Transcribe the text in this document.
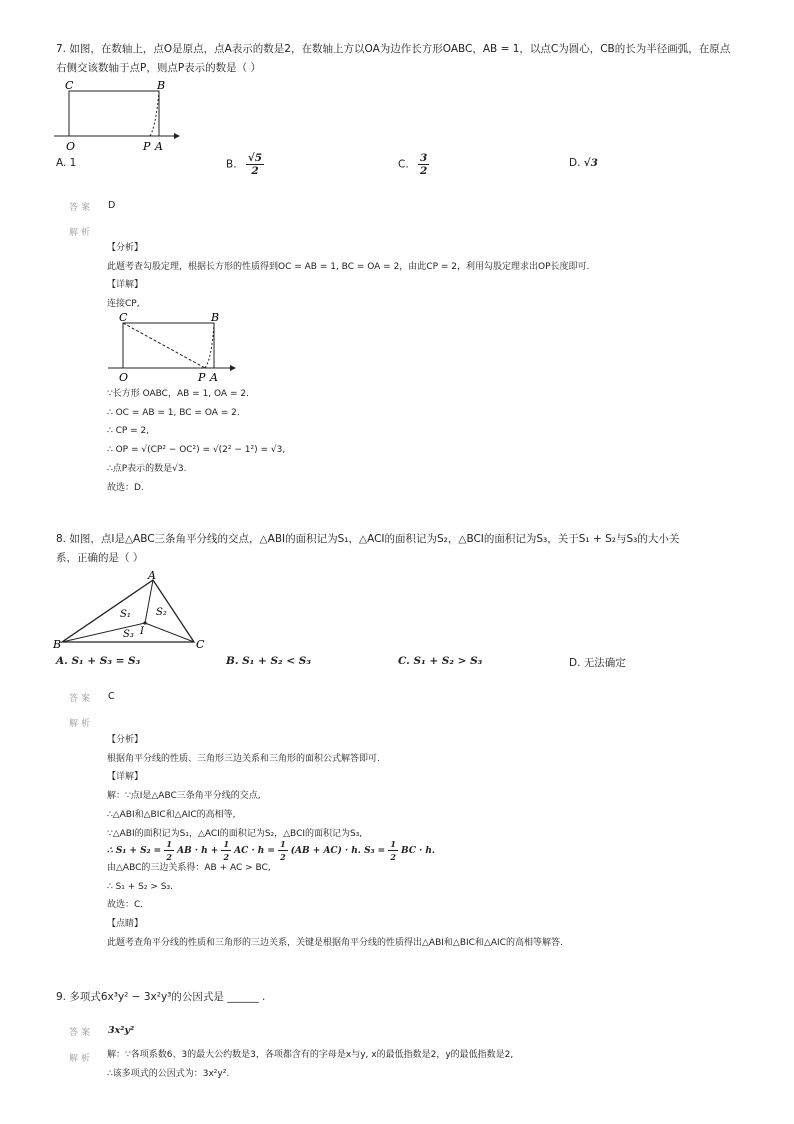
7. 如图，在数轴上，点O是原点，点A表示的数是2，在数轴上方以OA为边作长方形OABC，AB = 1，以点C为圆心，CB的长为半径画弧，在原点
右侧交该数轴于点P，则点P表示的数是（ ）
C	B
O	P A
A. 1	B. $\frac{√5}{2}$	C. $\frac{3}{2}$	D. √3
答案 D
解析
【分析】
此题考查勾股定理，根据长方形的性质得到OC = AB = 1, BC = OA = 2，由此CP = 2，利用勾股定理求出OP长度即可.
【详解】
连接CP,
C	B
O	P A
∵长方形 OABC，AB = 1, OA = 2.
∴ OC = AB = 1, BC = OA = 2.
∴ CP = 2,
∴ OP = √(CP² − OC²) = √(2² − 1²) = √3,
∴点P表示的数是√3.
故选：D.
8. 如图，点I是△ABC三条角平分线的交点，△ABI的面积记为S₁，△ACI的面积记为S₂，△BCI的面积记为S₃，关于S₁ + S₂与S₃的大小关
系，正确的是（ ）
A
B	C
I
S₁	S₂
S₃
A. S₁ + S₃ = S₃	B. S₁ + S₂ < S₃	C. S₁ + S₂ > S₃	D. 无法确定
答案 C
解析
【分析】
根据角平分线的性质、三角形三边关系和三角形的面积公式解答即可.
【详解】
解：∵点I是△ABC三条角平分线的交点,
∴△ABI和△BIC和△AIC的高相等,
∵△ABI的面积记为S₁，△ACI的面积记为S₂，△BCI的面积记为S₃,
∴ $S_1 + S_2 = \frac{1}{2}$ AB · $h + \frac{1}{2}$ AC · $h = \frac{1}{2} (AB + AC) \cdot h$. $S_3 = \frac{1}{2}$ BC · h.
由△ABC的三边关系得：AB + AC > BC,
∴ S₁ + S₂ > S₃.
故选：C.
【点睛】
此题考查角平分线的性质和三角形的三边关系，关键是根据角平分线的性质得出△ABI和△BIC和△AIC的高相等解答.
9. 多项式6x³y² − 3x²y³的公因式是 ______ .
答案 3x²y²
解析 解：∵各项系数6、3的最大公约数是3，各项都含有的字母是x与y, x的最低指数是2，y的最低指数是2,
∴该多项式的公因式为：3x²y².
